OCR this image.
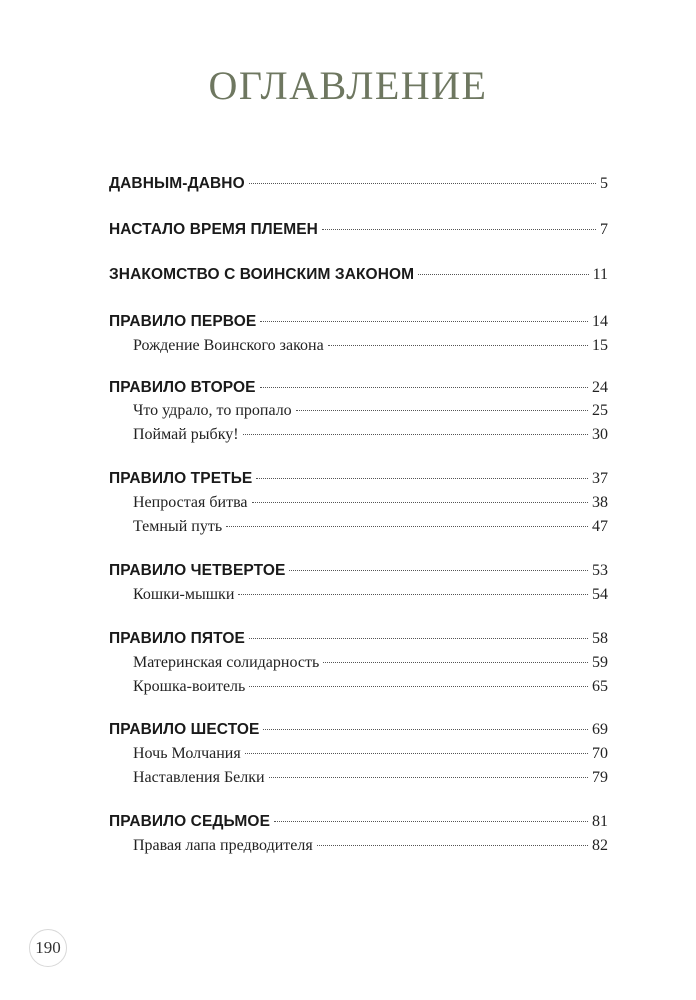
ОГЛАВЛЕНИЕ
ДАВНЫМ-ДАВНО	5
НАСТАЛО ВРЕМЯ ПЛЕМЕН	7
ЗНАКОМСТВО С ВОИНСКИМ ЗАКОНОМ	11
ПРАВИЛО ПЕРВОЕ	14
Рождение Воинского закона	15
ПРАВИЛО ВТОРОЕ	24
Что удрало, то пропало	25
Поймай рыбку!	30
ПРАВИЛО ТРЕТЬЕ	37
Непростая битва	38
Темный путь	47
ПРАВИЛО ЧЕТВЕРТОЕ	53
Кошки-мышки	54
ПРАВИЛО ПЯТОЕ	58
Материнская солидарность	59
Крошка-воитель	65
ПРАВИЛО ШЕСТОЕ	69
Ночь Молчания	70
Наставления Белки	79
ПРАВИЛО СЕДЬМОЕ	81
Правая лапа предводителя	82
190
